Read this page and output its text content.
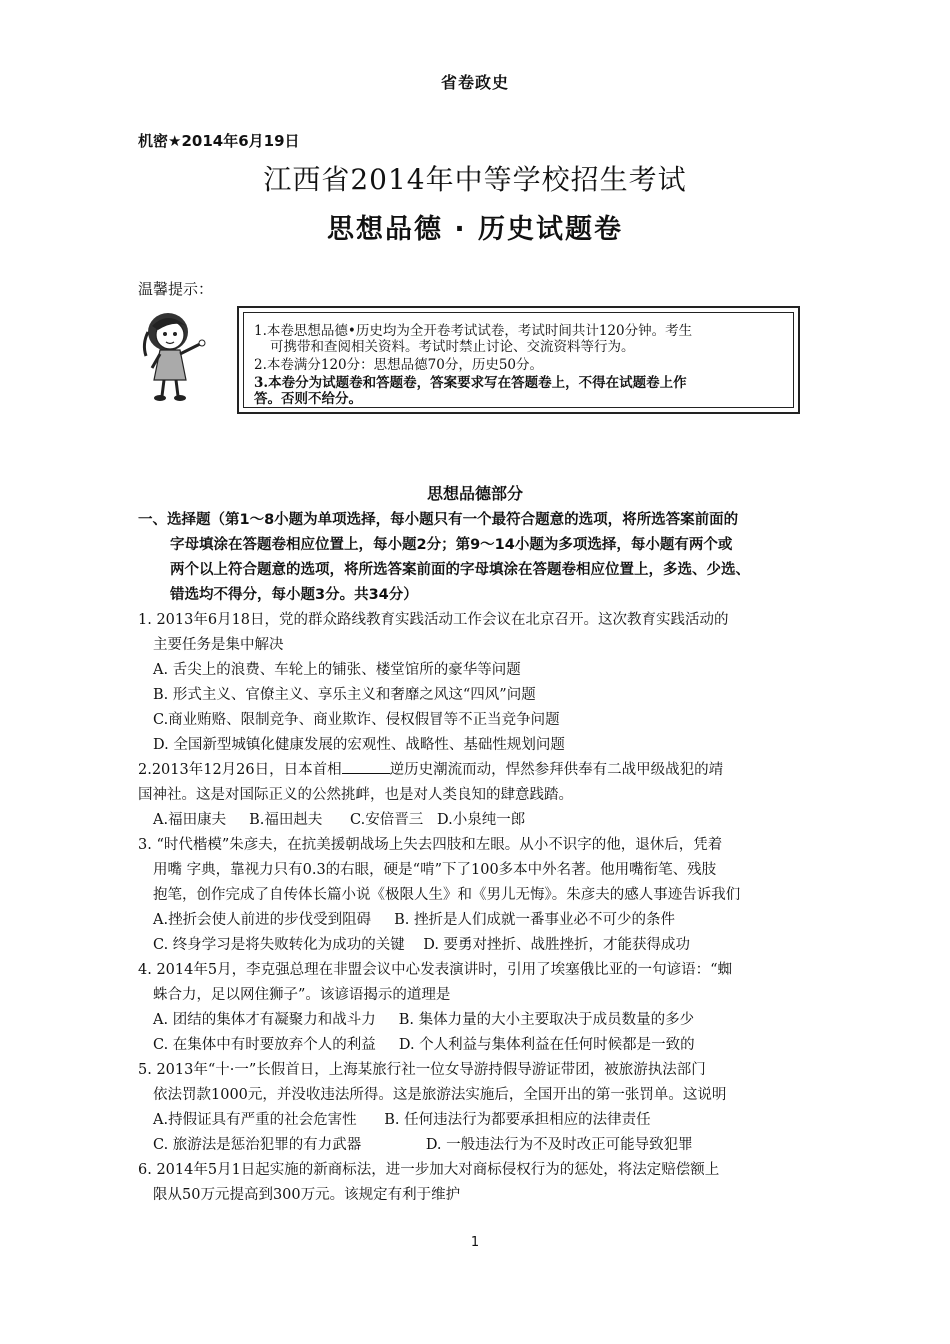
省卷政史
机密★2014年6月19日
江西省2014年中等学校招生考试
思想品德 · 历史试题卷
温馨提示：
1.本卷思想品德•历史均为全开卷考试试卷，考试时间共计120分钟。考生
可携带和查阅相关资料。考试时禁止讨论、交流资料等行为。
2.本卷满分120分：思想品德70分，历史50分。
3.本卷分为试题卷和答题卷，答案要求写在答题卷上，不得在试题卷上作
答。否则不给分。
思想品德部分
一、选择题（第1～8小题为单项选择，每小题只有一个最符合题意的选项，将所选答案前面的
字母填涂在答题卷相应位置上，每小题2分；第9～14小题为多项选择，每小题有两个或
两个以上符合题意的选项，将所选答案前面的字母填涂在答题卷相应位置上，多选、少选、
错选均不得分，每小题3分。共34分）
1. 2013年6月18日，党的群众路线教育实践活动工作会议在北京召开。这次教育实践活动的
主要任务是集中解决
A. 舌尖上的浪费、车轮上的铺张、楼堂馆所的豪华等问题
B. 形式主义、官僚主义、享乐主义和奢靡之风这“四风”问题
C.商业贿赂、限制竞争、商业欺诈、侵权假冒等不正当竞争问题
D. 全国新型城镇化健康发展的宏观性、战略性、基础性规划问题
2.2013年12月26日，日本首相	逆历史潮流而动，悍然参拜供奉有二战甲级战犯的靖
国神社。这是对国际正义的公然挑衅，也是对人类良知的肆意践踏。
A.福田康夫     B.福田赳夫      C.安倍晋三   D.小泉纯一郎
3. “时代楷模”朱彦夫，在抗美援朝战场上失去四肢和左眼。从小不识字的他，退休后，凭着
用嘴 字典，靠视力只有0.3的右眼，硬是“啃”下了100多本中外名著。他用嘴衔笔、残肢
抱笔，创作完成了自传体长篇小说《极限人生》和《男儿无悔》。朱彦夫的感人事迹告诉我们
A.挫折会使人前进的步伐受到阻碍     B. 挫折是人们成就一番事业必不可少的条件
C. 终身学习是将失败转化为成功的关键    D. 要勇对挫折、战胜挫折，才能获得成功
4. 2014年5月，李克强总理在非盟会议中心发表演讲时，引用了埃塞俄比亚的一句谚语：“蜘
蛛合力，足以网住狮子”。该谚语揭示的道理是
A. 团结的集体才有凝聚力和战斗力     B. 集体力量的大小主要取决于成员数量的多少
C. 在集体中有时要放弃个人的利益     D. 个人利益与集体利益在任何时候都是一致的
5. 2013年“十·一”长假首日，上海某旅行社一位女导游持假导游证带团，被旅游执法部门
依法罚款1000元，并没收违法所得。这是旅游法实施后，全国开出的第一张罚单。这说明
A.持假证具有严重的社会危害性      B. 任何违法行为都要承担相应的法律责任
C. 旅游法是惩治犯罪的有力武器              D. 一般违法行为不及时改正可能导致犯罪
6. 2014年5月1日起实施的新商标法，进一步加大对商标侵权行为的惩处，将法定赔偿额上
限从50万元提高到300万元。该规定有利于维护
1
